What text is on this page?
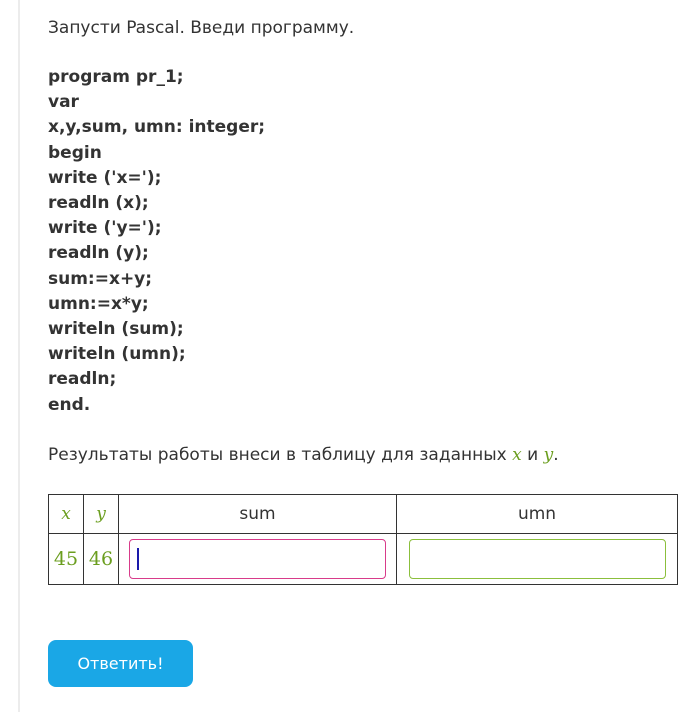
Запусти Pascal. Введи программу.

program pr_1;
var
x,y,sum, umn: integer;
begin
write ('x=');
readln (x);
write ('y=');
readln (y);
sum:=x+y;
umn:=x*y;
writeln (sum);
writeln (umn);
readln;
end.
Результаты работы внеси в таблицу для заданных x и y.
x	y	sum	umn
45	46	

Ответить!
